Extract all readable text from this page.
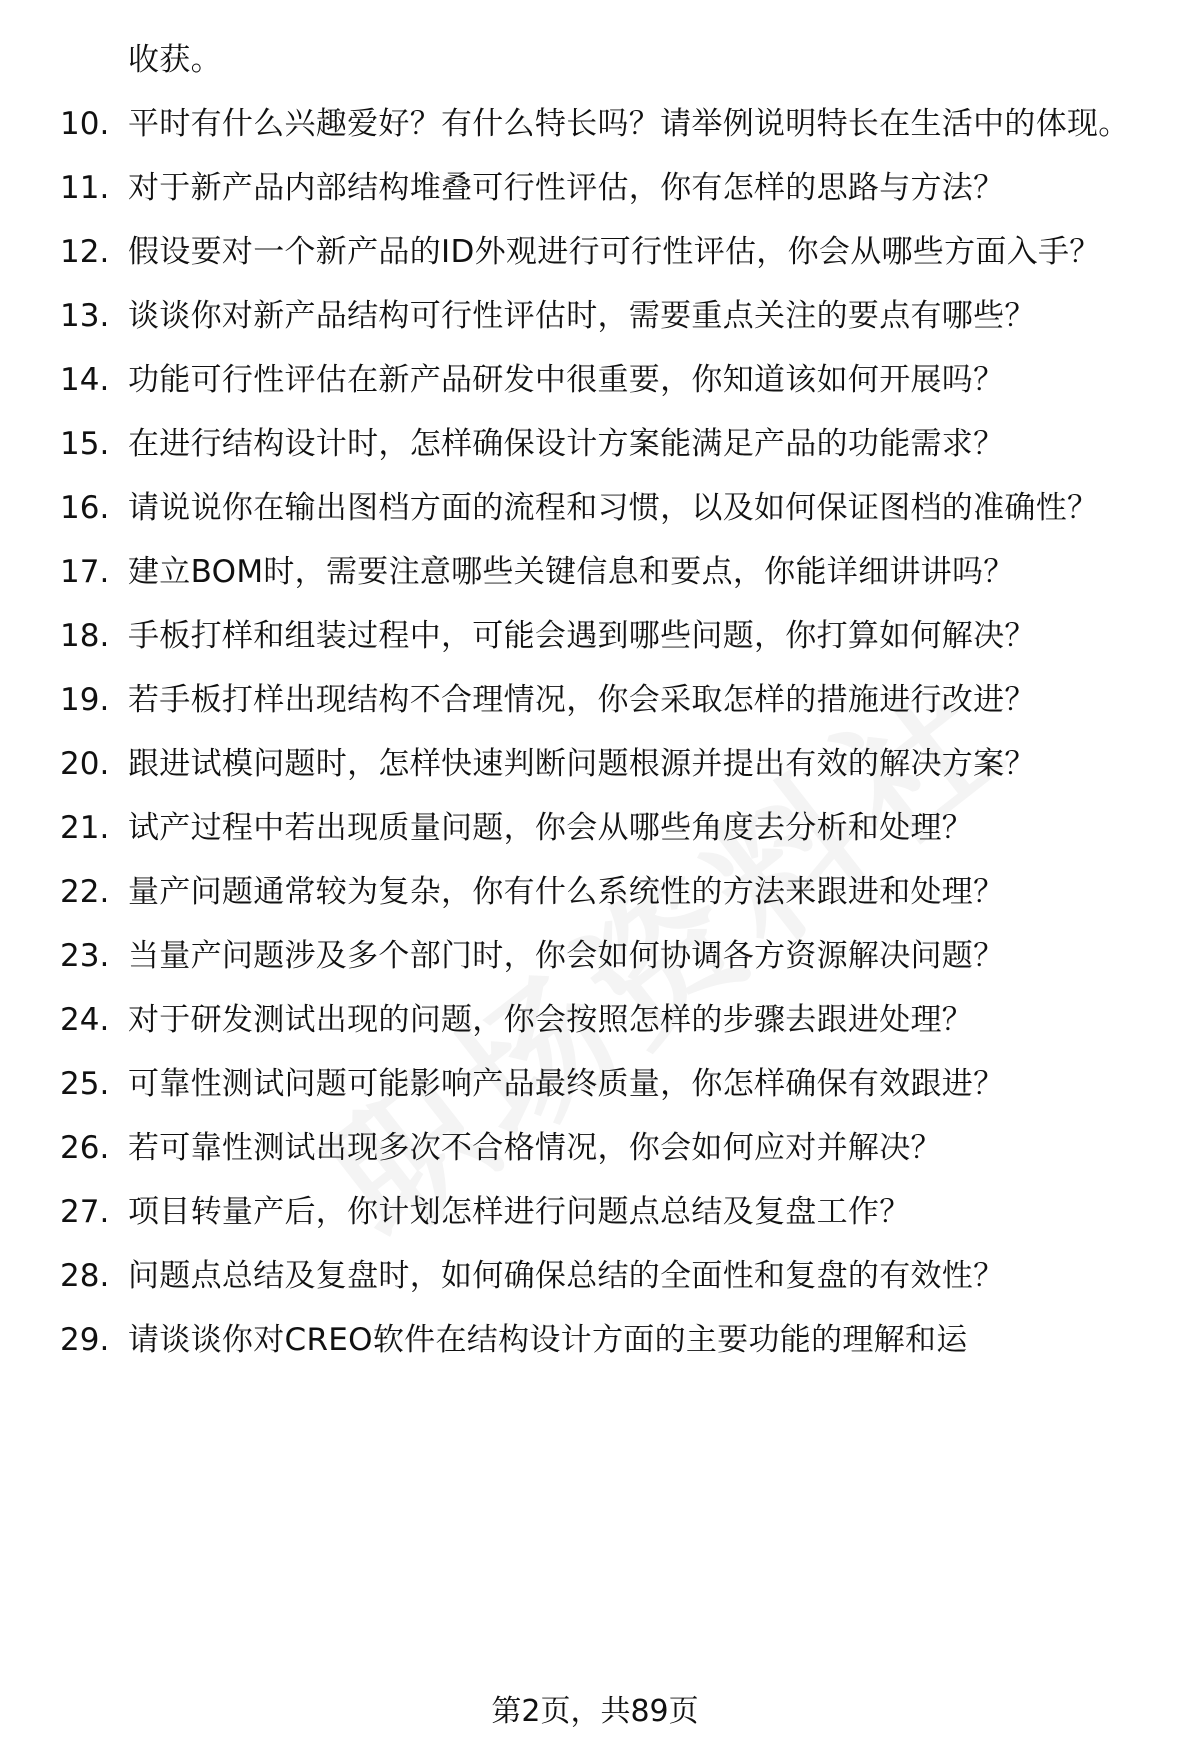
收获。
10. 平时有什么兴趣爱好？有什么特长吗？请举例说明特长在生活中的体现。
11. 对于新产品内部结构堆叠可行性评估，你有怎样的思路与方法？
12. 假设要对一个新产品的ID外观进行可行性评估，你会从哪些方面入手？
13. 谈谈你对新产品结构可行性评估时，需要重点关注的要点有哪些？
14. 功能可行性评估在新产品研发中很重要，你知道该如何开展吗？
15. 在进行结构设计时，怎样确保设计方案能满足产品的功能需求？
16. 请说说你在输出图档方面的流程和习惯，以及如何保证图档的准确性？
17. 建立BOM时，需要注意哪些关键信息和要点，你能详细讲讲吗？
18. 手板打样和组装过程中，可能会遇到哪些问题，你打算如何解决？
19. 若手板打样出现结构不合理情况，你会采取怎样的措施进行改进？
20. 跟进试模问题时，怎样快速判断问题根源并提出有效的解决方案？
21. 试产过程中若出现质量问题，你会从哪些角度去分析和处理？
22. 量产问题通常较为复杂，你有什么系统性的方法来跟进和处理？
23. 当量产问题涉及多个部门时，你会如何协调各方资源解决问题？
24. 对于研发测试出现的问题，你会按照怎样的步骤去跟进处理？
25. 可靠性测试问题可能影响产品最终质量，你怎样确保有效跟进？
26. 若可靠性测试出现多次不合格情况，你会如何应对并解决？
27. 项目转量产后，你计划怎样进行问题点总结及复盘工作？
28. 问题点总结及复盘时，如何确保总结的全面性和复盘的有效性？
29. 请谈谈你对CREO软件在结构设计方面的主要功能的理解和运
第2页，共89页
